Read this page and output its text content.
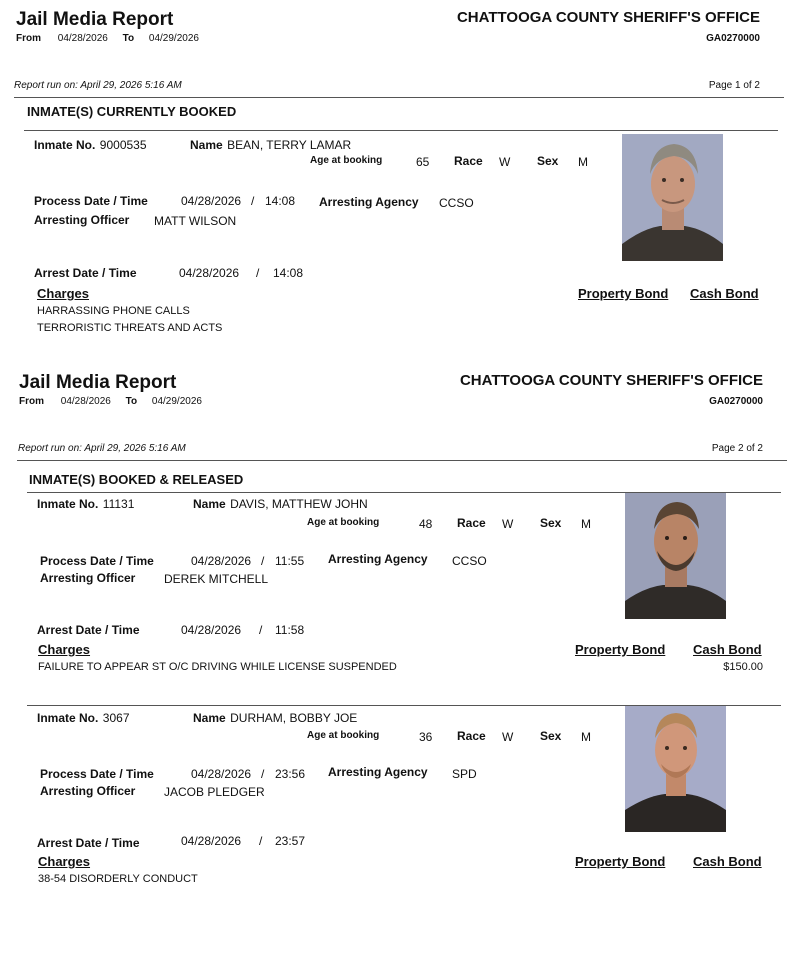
Jail Media Report	CHATTOOGA COUNTY SHERIFF'S OFFICE
From 04/28/2026 To 04/29/2026	GA0270000
Report run on: April 29, 2026 5:16 AM	Page 1 of 2
INMATE(S) CURRENTLY BOOKED
Inmate No. 9000535	Name BEAN, TERRY LAMAR
Age at booking	65 Race W Sex M
Process Date / Time	04/28/2026 / 14:08 Arresting Agency CCSO
Arresting Officer MATT WILSON
Arrest Date / Time	04/28/2026 / 14:08
Charges	Property Bond Cash Bond
HARRASSING PHONE CALLS
TERRORISTIC THREATS AND ACTS
Jail Media Report	CHATTOOGA COUNTY SHERIFF'S OFFICE
From 04/28/2026 To 04/29/2026	GA0270000
Report run on: April 29, 2026 5:16 AM	Page 2 of 2
INMATE(S) BOOKED & RELEASED
Inmate No. 11131	Name DAVIS, MATTHEW JOHN
Age at booking	48 Race W Sex M
Process Date / Time	04/28/2026 / 11:55 Arresting Agency CCSO
Arresting Officer DEREK MITCHELL
Arrest Date / Time	04/28/2026 / 11:58
Charges	Property Bond Cash Bond
FAILURE TO APPEAR ST O/C DRIVING WHILE LICENSE SUSPENDED	$150.00
Inmate No. 3067	Name DURHAM, BOBBY JOE
Age at booking	36 Race W Sex M
Process Date / Time	04/28/2026 / 23:56 Arresting Agency SPD
Arresting Officer JACOB PLEDGER
Arrest Date / Time	04/28/2026 / 23:57
Charges	Property Bond Cash Bond
38-54 DISORDERLY CONDUCT
